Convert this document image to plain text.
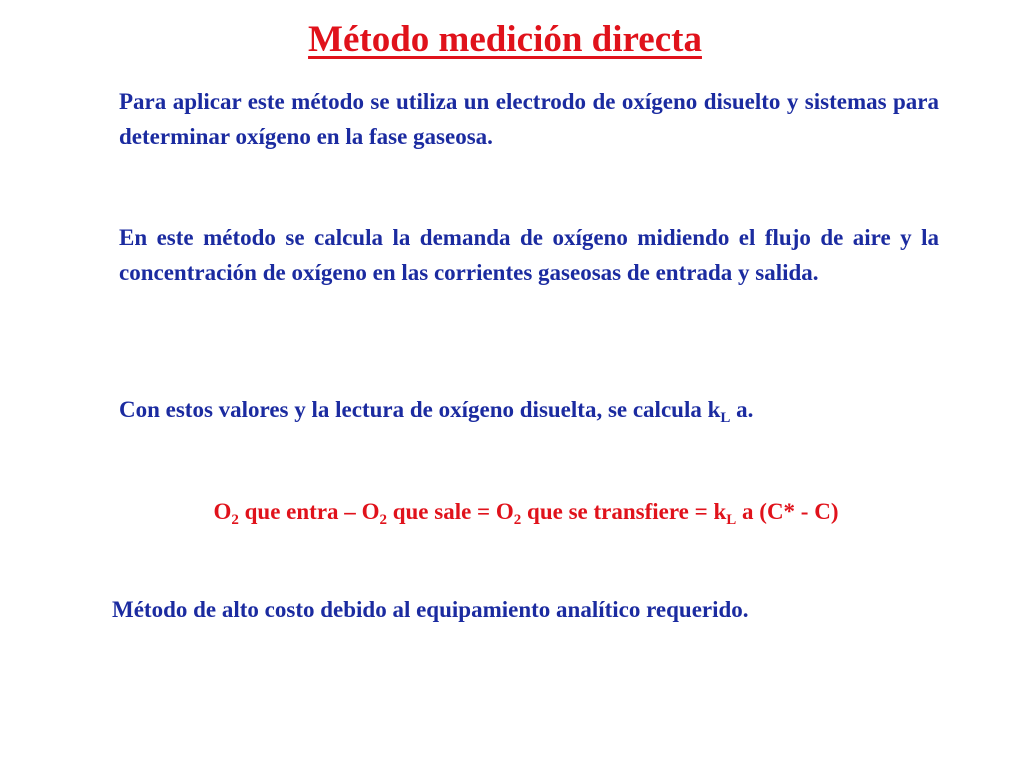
Método medición directa

Para aplicar este método se utiliza un electrodo de oxígeno disuelto y sistemas para determinar oxígeno en la fase gaseosa.

En este método se calcula la demanda de oxígeno midiendo el flujo de aire y la concentración de oxígeno en las corrientes gaseosas de entrada y salida.

Con estos valores y la lectura de oxígeno disuelta, se calcula $k_L$ a.

$O_2$ que entra – $O_2$ que sale = $O_2$ que se transfiere = $k_L$ a (C* - C)

Método de alto costo debido al equipamiento analítico requerido.
